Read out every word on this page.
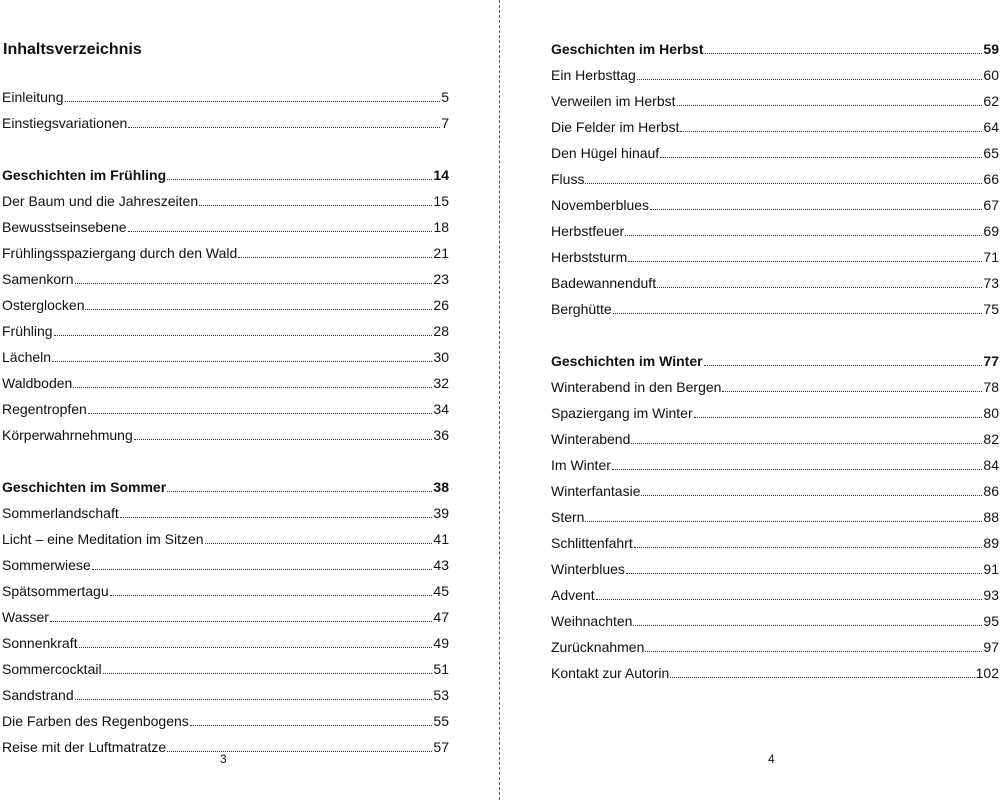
Inhaltsverzeichnis
Einleitung	5
Einstiegsvariationen	7
Geschichten im Frühling	14
Der Baum und die Jahreszeiten	15
Bewusstseinsebene	18
Frühlingsspaziergang durch den Wald	21
Samenkorn	23
Osterglocken	26
Frühling	28
Lächeln	30
Waldboden	32
Regentropfen	34
Körperwahrnehmung	36
Geschichten im Sommer	38
Sommerlandschaft	39
Licht – eine Meditation im Sitzen	41
Sommerwiese	43
Spätsommertagu	45
Wasser	47
Sonnenkraft	49
Sommercocktail	51
Sandstrand	53
Die Farben des Regenbogens	55
Reise mit der Luftmatratze	57
3
Geschichten im Herbst	59
Ein Herbsttag	60
Verweilen im Herbst	62
Die Felder im Herbst	64
Den Hügel hinauf	65
Fluss	66
Novemberblues	67
Herbstfeuer	69
Herbststurm	71
Badewannenduft	73
Berghütte	75
Geschichten im Winter	77
Winterabend in den Bergen	78
Spaziergang im Winter	80
Winterabend	82
Im Winter	84
Winterfantasie	86
Stern	88
Schlittenfahrt	89
Winterblues	91
Advent	93
Weihnachten	95
Zurücknahmen	97
Kontakt zur Autorin	102
4
